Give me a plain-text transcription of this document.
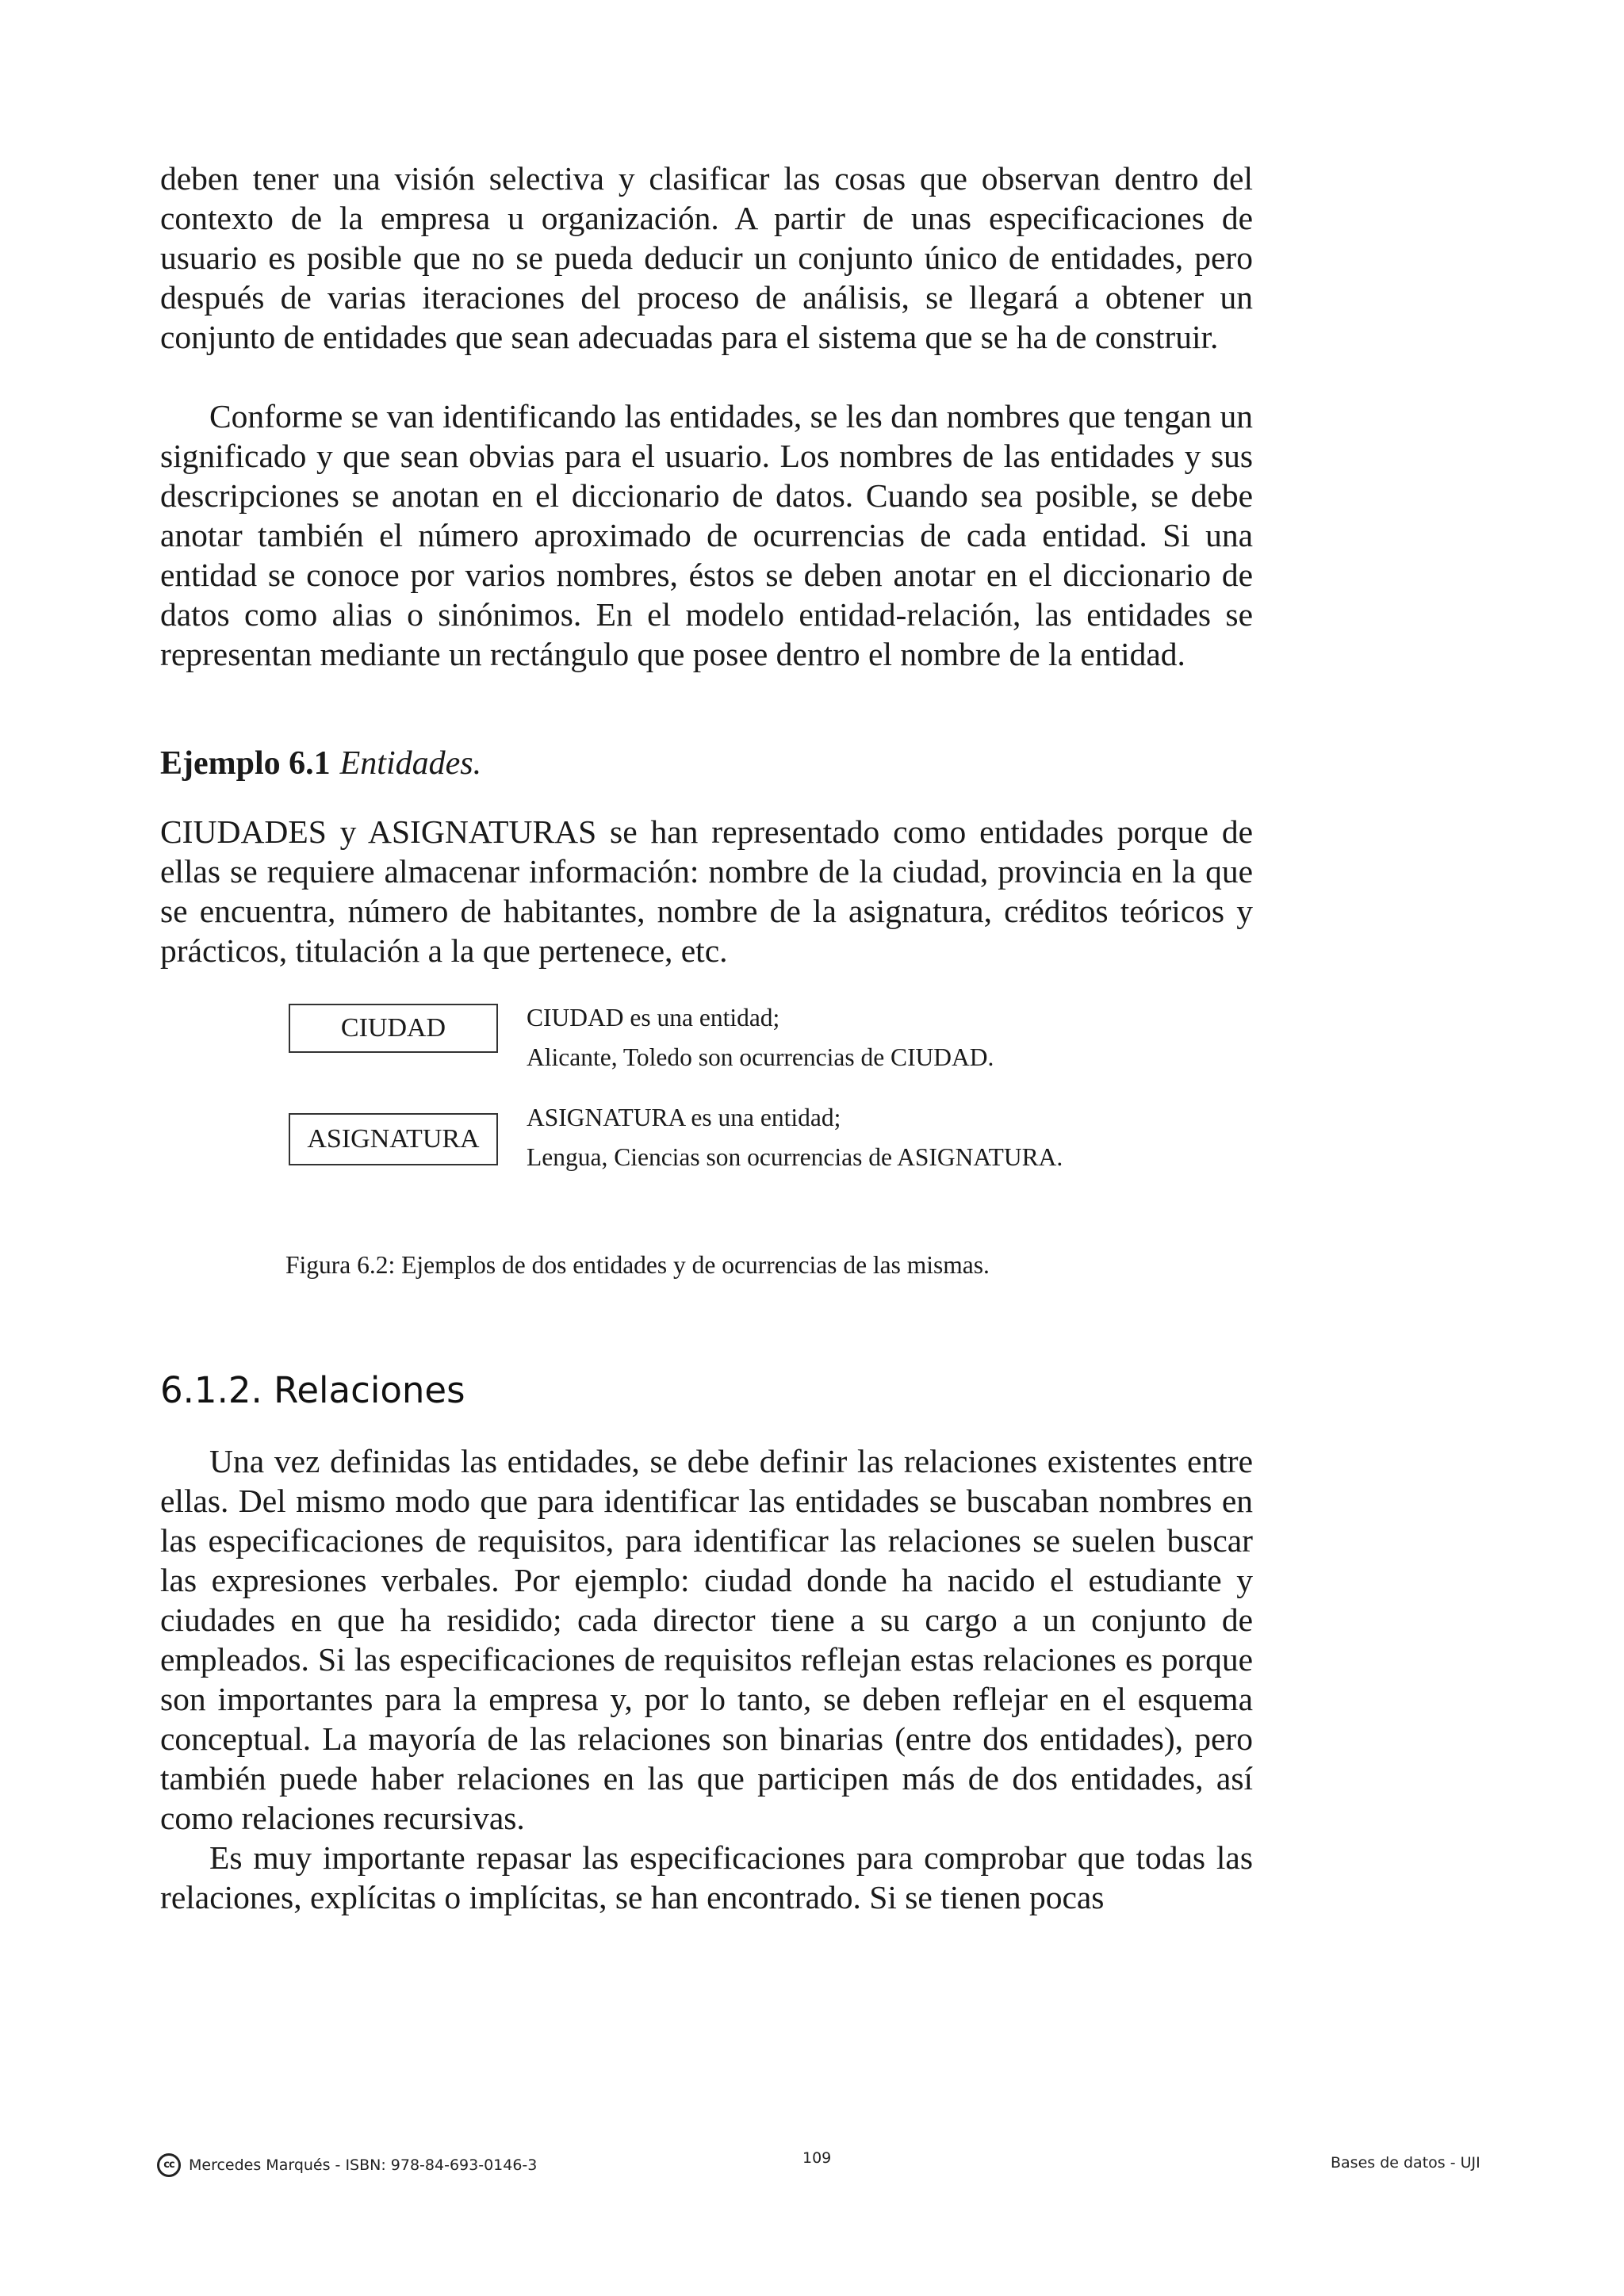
deben tener una visión selectiva y clasificar las cosas que observan dentro del contexto de la empresa u organización. A partir de unas especificaciones de usuario es posible que no se pueda deducir un conjunto único de entidades, pero después de varias iteraciones del proceso de análisis, se llegará a obtener un conjunto de entidades que sean adecuadas para el sistema que se ha de construir.

Conforme se van identificando las entidades, se les dan nombres que tengan un significado y que sean obvias para el usuario. Los nombres de las entidades y sus descripciones se anotan en el diccionario de datos. Cuando sea posible, se debe anotar también el número aproximado de ocurrencias de cada entidad. Si una entidad se conoce por varios nombres, éstos se deben anotar en el diccionario de datos como alias o sinónimos. En el modelo entidad-relación, las entidades se representan mediante un rectángulo que posee dentro el nombre de la entidad.

Ejemplo 6.1 Entidades.

CIUDADES y ASIGNATURAS se han representado como entidades porque de ellas se requiere almacenar información: nombre de la ciudad, provincia en la que se encuentra, número de habitantes, nombre de la asignatura, créditos teóricos y prácticos, titulación a la que pertenece, etc.

CIUDAD	CIUDAD es una entidad;
Alicante, Toledo son ocurrencias de CIUDAD.
ASIGNATURA
ASIGNATURA es una entidad;
Lengua, Ciencias son ocurrencias de ASIGNATURA.
Figura 6.2: Ejemplos de dos entidades y de ocurrencias de las mismas.
6.1.2. Relaciones

Una vez definidas las entidades, se debe definir las relaciones existentes entre ellas. Del mismo modo que para identificar las entidades se buscaban nombres en las especificaciones de requisitos, para identificar las relaciones se suelen buscar las expresiones verbales. Por ejemplo: ciudad donde ha nacido el estudiante y ciudades en que ha residido; cada director tiene a su cargo a un conjunto de empleados. Si las especificaciones de requisitos reflejan estas relaciones es porque son importantes para la empresa y, por lo tanto, se deben reflejar en el esquema conceptual. La mayoría de las relaciones son binarias (entre dos entidades), pero también puede haber relaciones en las que participen más de dos entidades, así como relaciones recursivas.

Es muy importante repasar las especificaciones para comprobar que todas las relaciones, explícitas o implícitas, se han encontrado. Si se tienen pocas

cc Mercedes Marqués - ISBN: 978-84-693-0146-3	109	Bases de datos - UJI
